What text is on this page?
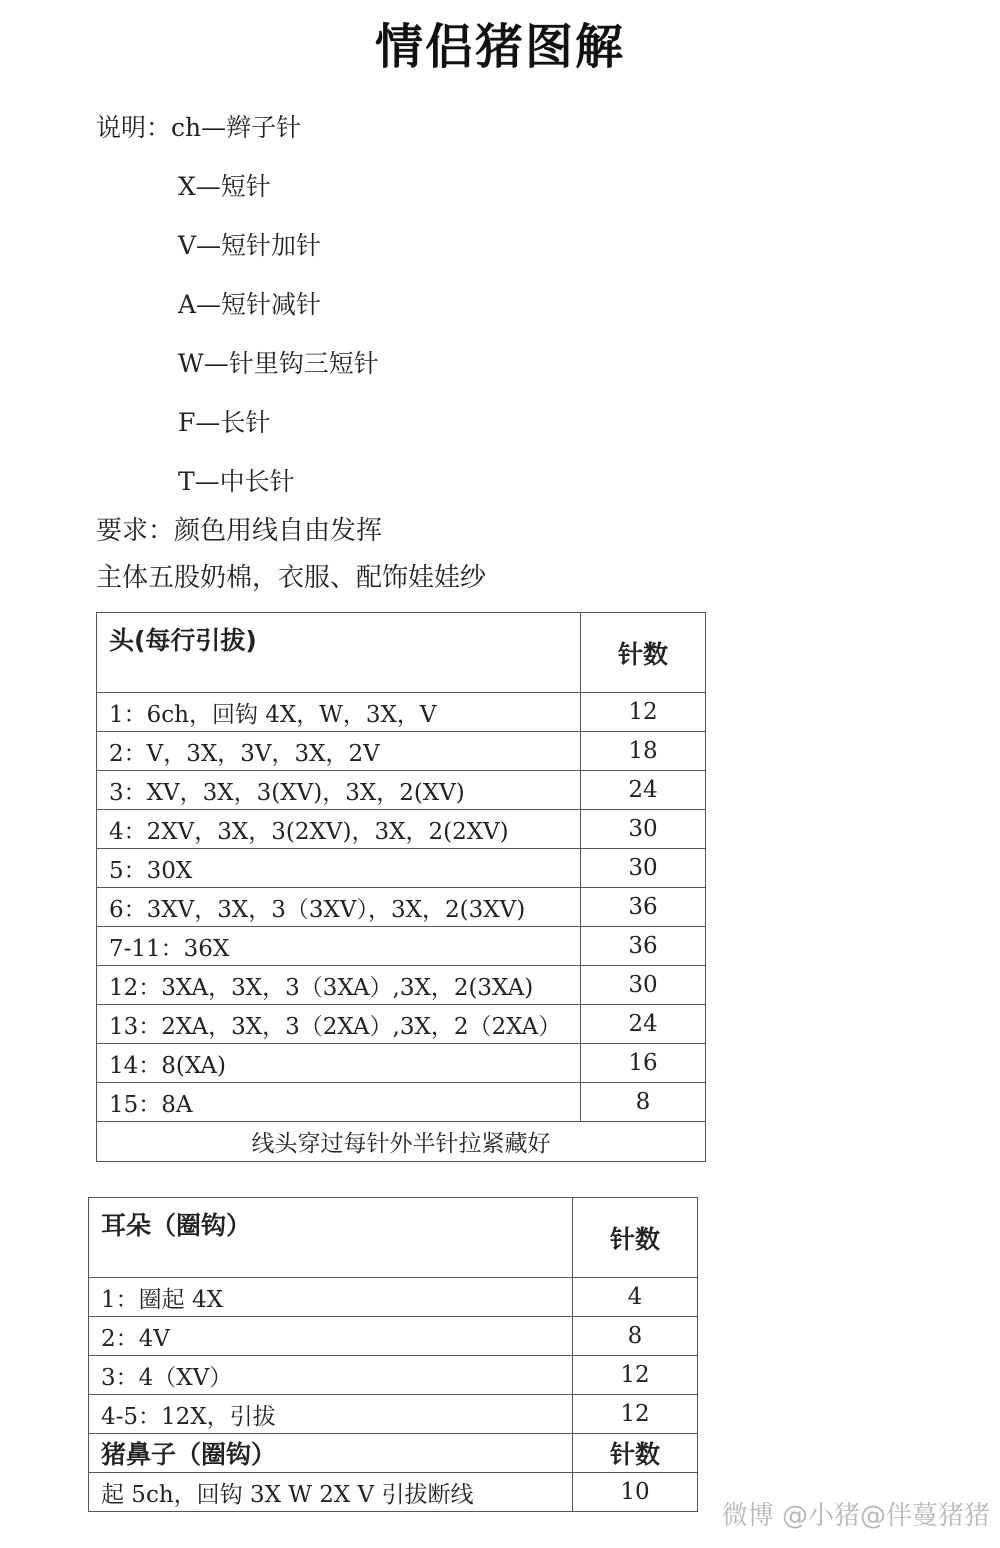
情侣猪图解
说明：ch—辫子针
X—短针
V—短针加针
A—短针减针
W—针里钩三短针
F—长针
T—中长针
要求：颜色用线自由发挥
主体五股奶棉，衣服、配饰娃娃纱
头(每行引拔)	针数
1：6ch，回钩 4X，W，3X，V	12
2：V，3X，3V，3X，2V	18
3：XV，3X，3(XV)，3X，2(XV)	24
4：2XV，3X，3(2XV)，3X，2(2XV)	30
5：30X	30
6：3XV，3X，3（3XV），3X，2(3XV)	36
7-11：36X	36
12：3XA，3X，3（3XA）,3X，2(3XA)	30
13：2XA，3X，3（2XA）,3X，2（2XA）	24
14：8(XA)	16
15：8A	8
线头穿过每针外半针拉紧藏好	
耳朵（圈钩）	针数
1：圈起 4X	4
2：4V	8
3：4（XV）	12
4-5：12X，引拔	12
猪鼻子（圈钩）	针数
起 5ch，回钩 3X W 2X V 引拔断线	10
微博 @小猪@伴蔓猪猪
